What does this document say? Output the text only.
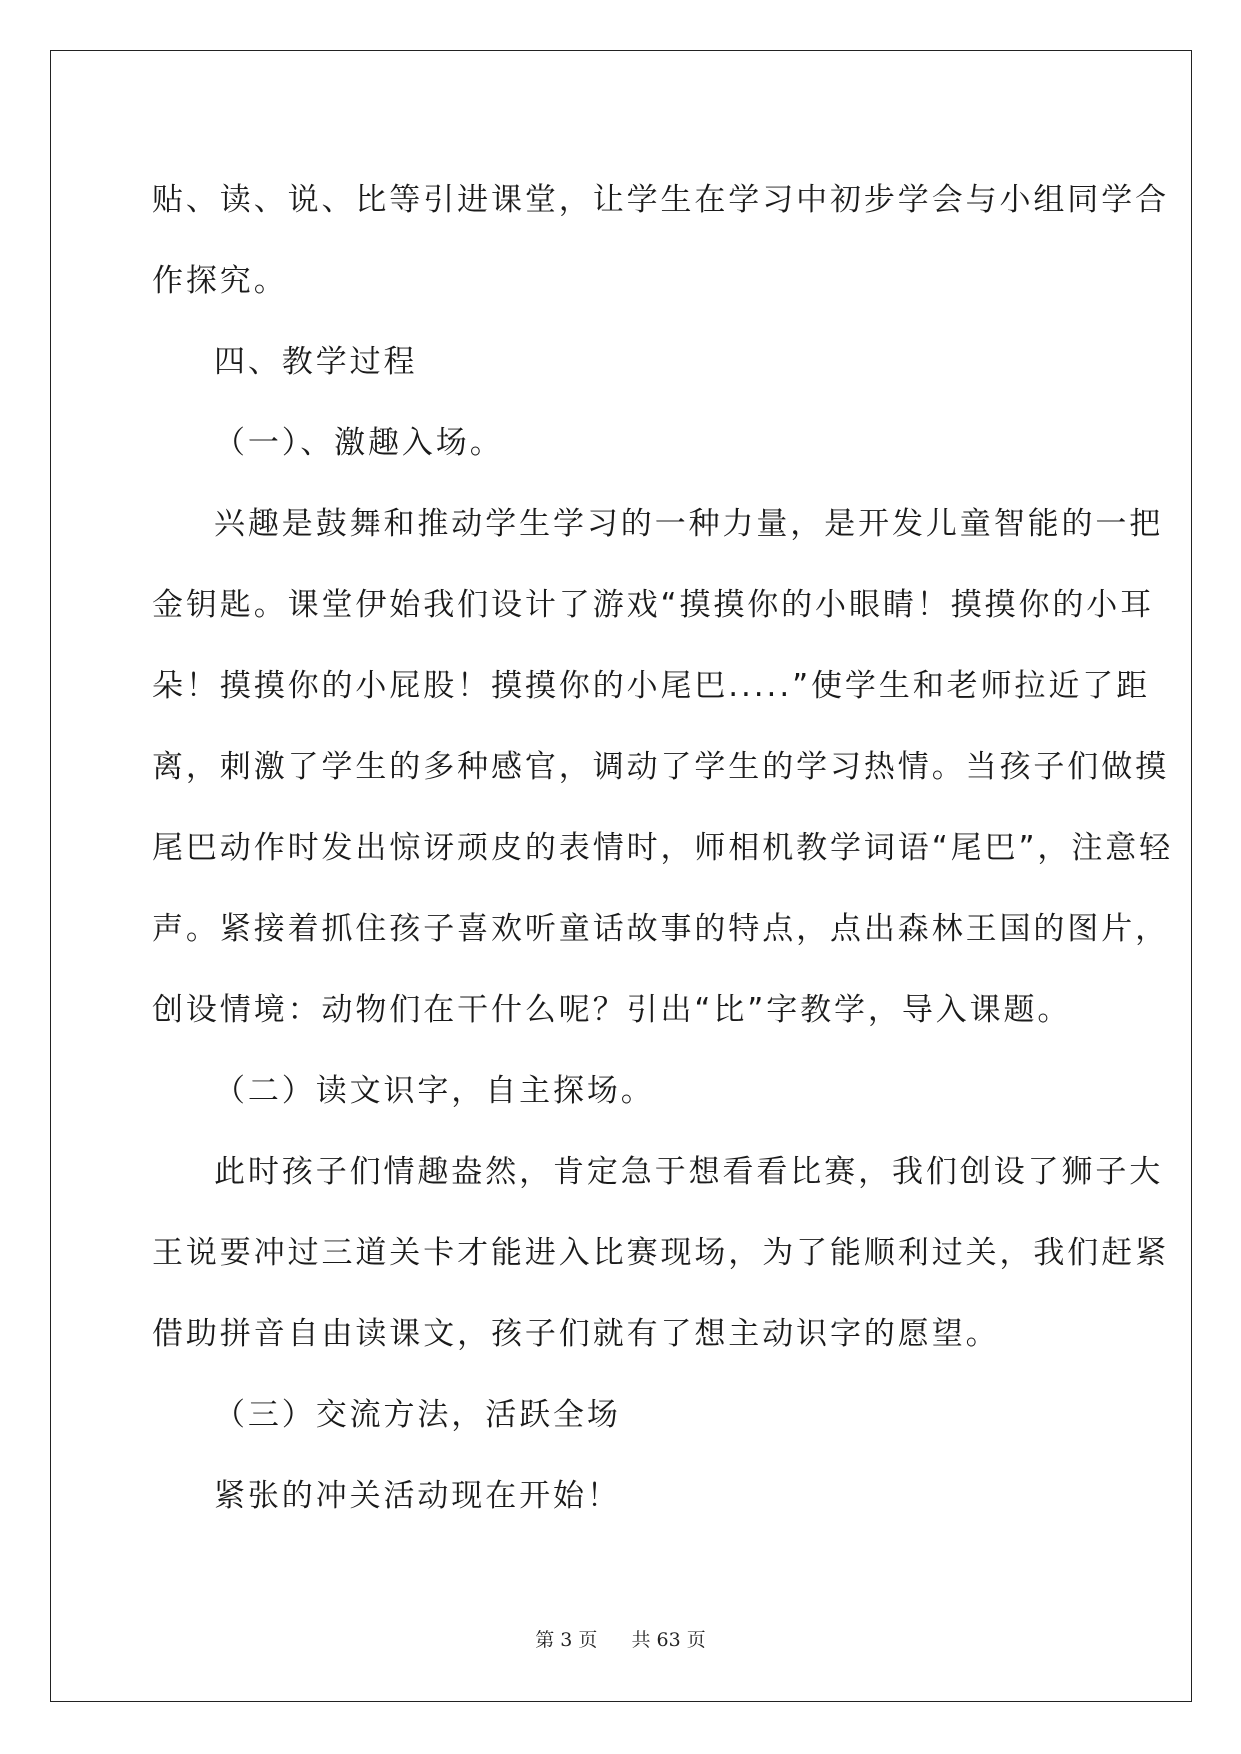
贴、读、说、比等引进课堂，让学生在学习中初步学会与小组同学合

作探究。

四、教学过程

（一）、激趣入场。

兴趣是鼓舞和推动学生学习的一种力量，是开发儿童智能的一把

金钥匙。课堂伊始我们设计了游戏“摸摸你的小眼睛！摸摸你的小耳

朵！摸摸你的小屁股！摸摸你的小尾巴.....”使学生和老师拉近了距

离，刺激了学生的多种感官，调动了学生的学习热情。当孩子们做摸

尾巴动作时发出惊讶顽皮的表情时，师相机教学词语“尾巴”，注意轻

声。紧接着抓住孩子喜欢听童话故事的特点，点出森林王国的图片，

创设情境：动物们在干什么呢？引出“比”字教学，导入课题。

（二）读文识字，自主探场。

此时孩子们情趣盎然，肯定急于想看看比赛，我们创设了狮子大

王说要冲过三道关卡才能进入比赛现场，为了能顺利过关，我们赶紧

借助拼音自由读课文，孩子们就有了想主动识字的愿望。

（三）交流方法，活跃全场

紧张的冲关活动现在开始！

第 3 页 共 63 页
